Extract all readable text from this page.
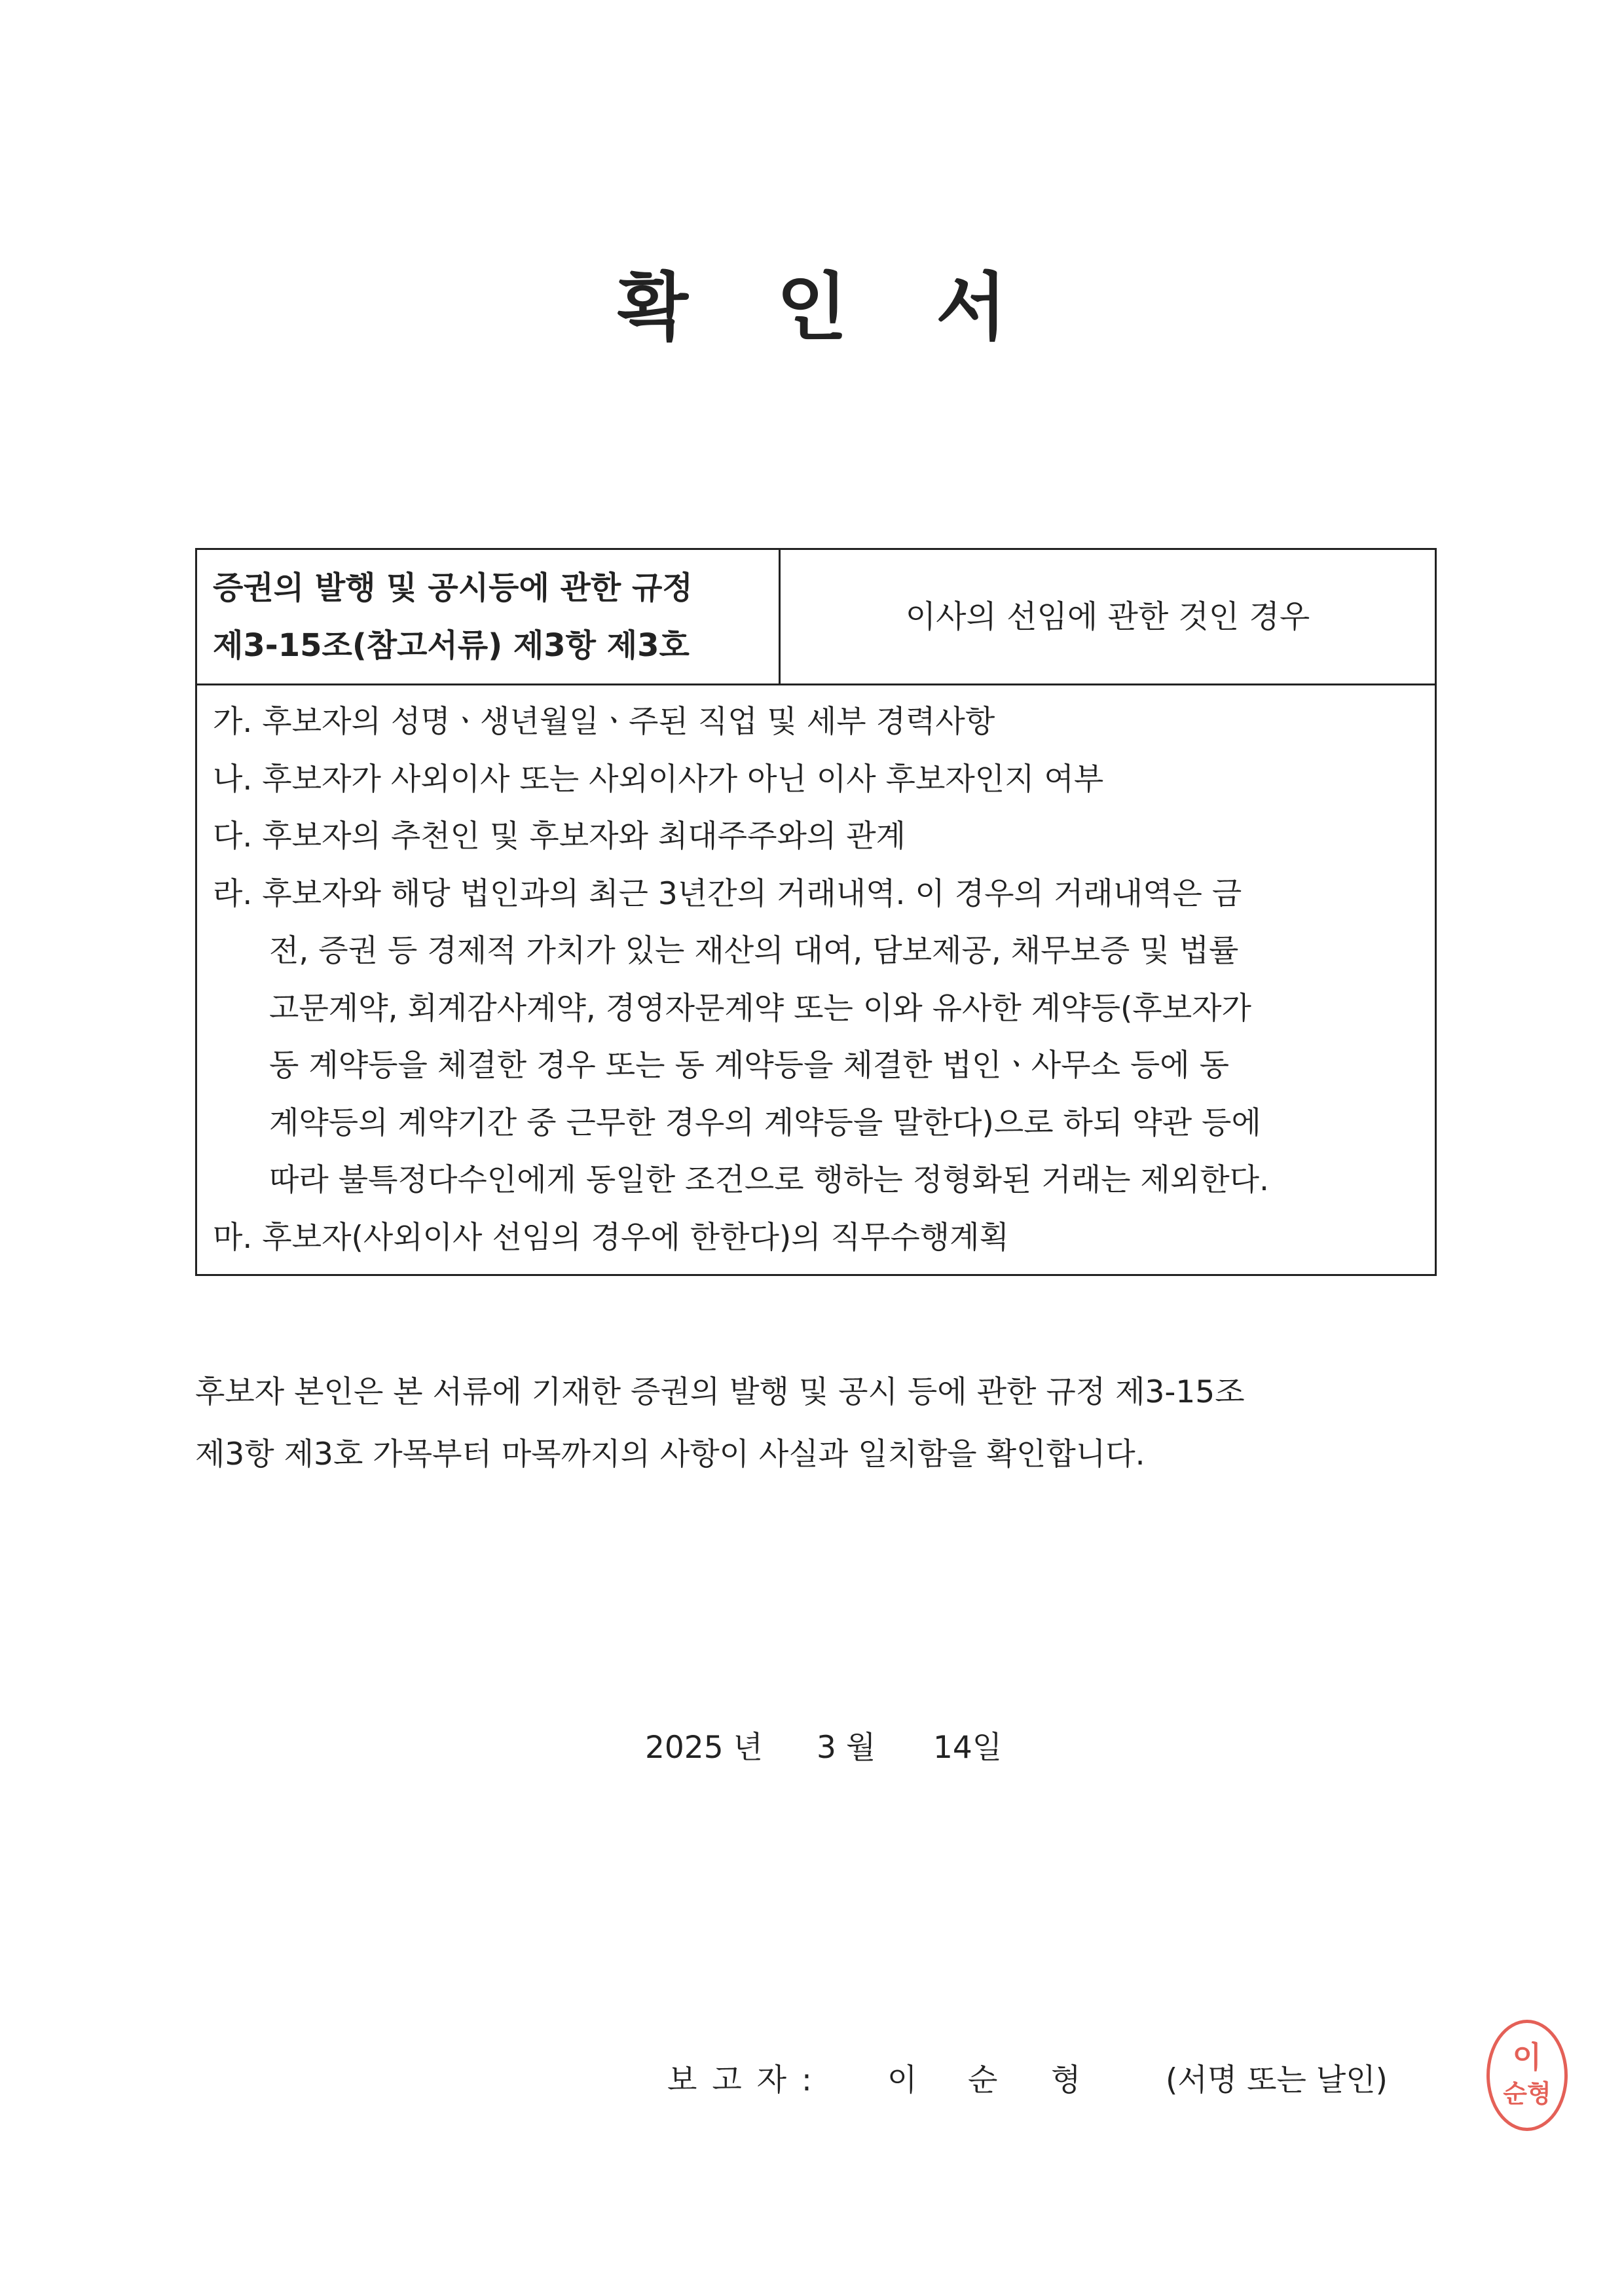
확 인 서
증권의 발행 및 공시등에 관한 규정
제3-15조(참고서류) 제3항 제3호
이사의 선임에 관한 것인 경우
가. 후보자의 성명ㆍ생년월일ㆍ주된 직업 및 세부 경력사항
나. 후보자가 사외이사 또는 사외이사가 아닌 이사 후보자인지 여부
다. 후보자의 추천인 및 후보자와 최대주주와의 관계
라. 후보자와 해당 법인과의 최근 3년간의 거래내역. 이 경우의 거래내역은 금
전, 증권 등 경제적 가치가 있는 재산의 대여, 담보제공, 채무보증 및 법률
고문계약, 회계감사계약, 경영자문계약 또는 이와 유사한 계약등(후보자가
동 계약등을 체결한 경우 또는 동 계약등을 체결한 법인ㆍ사무소 등에 동
계약등의 계약기간 중 근무한 경우의 계약등을 말한다)으로 하되 약관 등에
따라 불특정다수인에게 동일한 조건으로 행하는 정형화된 거래는 제외한다.
마. 후보자(사외이사 선임의 경우에 한한다)의 직무수행계획
후보자 본인은 본 서류에 기재한 증권의 발행 및 공시 등에 관한 규정 제3-15조
제3항 제3호 가목부터 마목까지의 사항이 사실과 일치함을 확인합니다.
2025 년 3 월 14일
보 고 자 : 이 순 형	(서명 또는 날인)
이
순형
